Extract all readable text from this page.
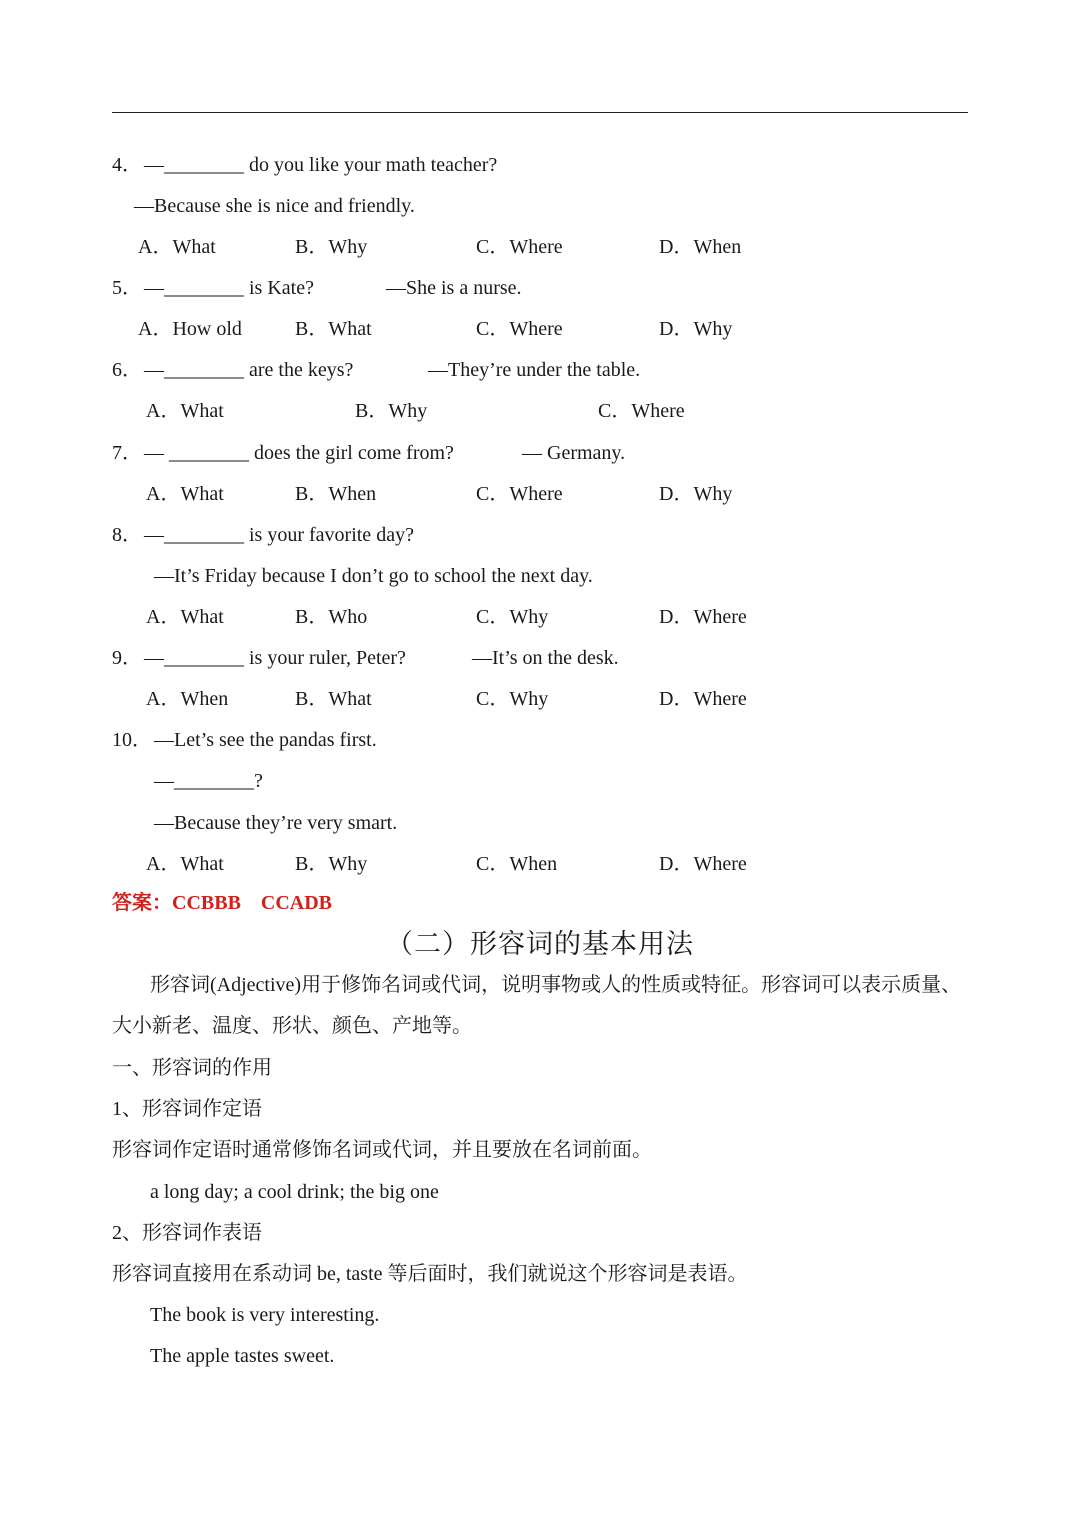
4． —________ do you like your math teacher?
—Because she is nice and friendly.
A．What	B．Why	C．Where	D．When
5． —________ is Kate?	—She is a nurse.
A．How old	B．What	C．Where	D．Why
6． —________ are the keys?	—They’re under the table.
A．What	B．Why	C．Where
7． — ________ does the girl come from?	— Germany.
A．What	B．When	C．Where	D．Why
8． —________ is your favorite day?
—It’s Friday because I don’t go to school the next day.
A．What	B．Who	C．Why	D．Where
9． —________ is your ruler, Peter?	—It’s on the desk.
A．When	B．What	C．Why	D．Where
10． —Let’s see the pandas first.
—________?
—Because they’re very smart.
A．What	B．Why	C．When	D．Where
答案：CCBBB    CCADB
（二）形容词的基本用法
形容词(Adjective)用于修饰名词或代词，说明事物或人的性质或特征。形容词可以表示质量、大小新老、温度、形状、颜色、产地等。
一、形容词的作用
1、形容词作定语
形容词作定语时通常修饰名词或代词，并且要放在名词前面。
a long day; a cool drink; the big one
2、形容词作表语
形容词直接用在系动词 be, taste 等后面时，我们就说这个形容词是表语。
The book is very interesting.
The apple tastes sweet.
